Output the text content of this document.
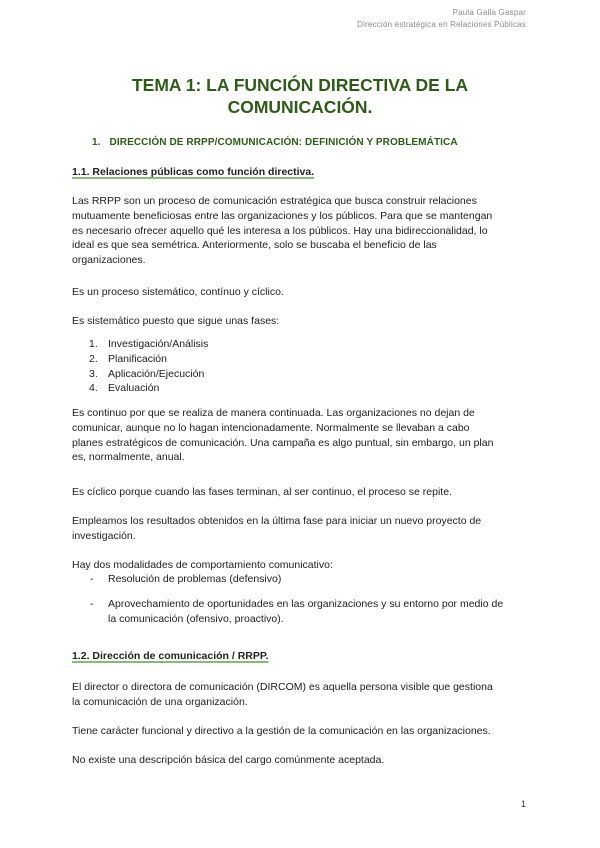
Paula Galla Gaspar
Dirección estratégica en Relaciones Públicas
TEMA 1: LA FUNCIÓN DIRECTIVA DE LA
COMUNICACIÓN.
1. DIRECCIÓN DE RRPP/COMUNICACIÓN: DEFINICIÓN Y PROBLEMÁTICA
1.1. Relaciones públicas como función directiva.
Las RRPP son un proceso de comunicación estratégica que busca construir relaciones
mutuamente beneficiosas entre las organizaciones y los públicos. Para que se mantengan
es necesario ofrecer aquello qué les interesa a los públicos. Hay una bidireccionalidad, lo
ideal es que sea semétrica. Anteriormente, solo se buscaba el beneficio de las
organizaciones.
Es un proceso sistemático, contínuo y cíclico.
Es sistemático puesto que sigue unas fases:
1. Investigación/Análisis
2. Planificación
3. Aplicación/Ejecución
4. Evaluación
Es continuo por que se realiza de manera continuada. Las organizaciones no dejan de
comunicar, aunque no lo hagan intencionadamente. Normalmente se llevaban a cabo
planes estratégicos de comunicación. Una campaña es algo puntual, sin embargo, un plan
es, normalmente, anual.
Es cíclico porque cuando las fases terminan, al ser continuo, el proceso se repite.
Empleamos los resultados obtenidos en la última fase para iniciar un nuevo proyecto de
investigación.
Hay dos modalidades de comportamiento comunicativo:
-	Resolución de problemas (defensivo)
-	Aprovechamiento de oportunidades en las organizaciones y su entorno por medio de
la comunicación (ofensivo, proactivo).
1.2. Dirección de comunicación / RRPP.
El director o directora de comunicación (DIRCOM) es aquella persona visible que gestiona
la comunicación de una organización.
Tiene carácter funcional y directivo a la gestión de la comunicación en las organizaciones.
No existe una descripción básica del cargo comúnmente aceptada.
1
